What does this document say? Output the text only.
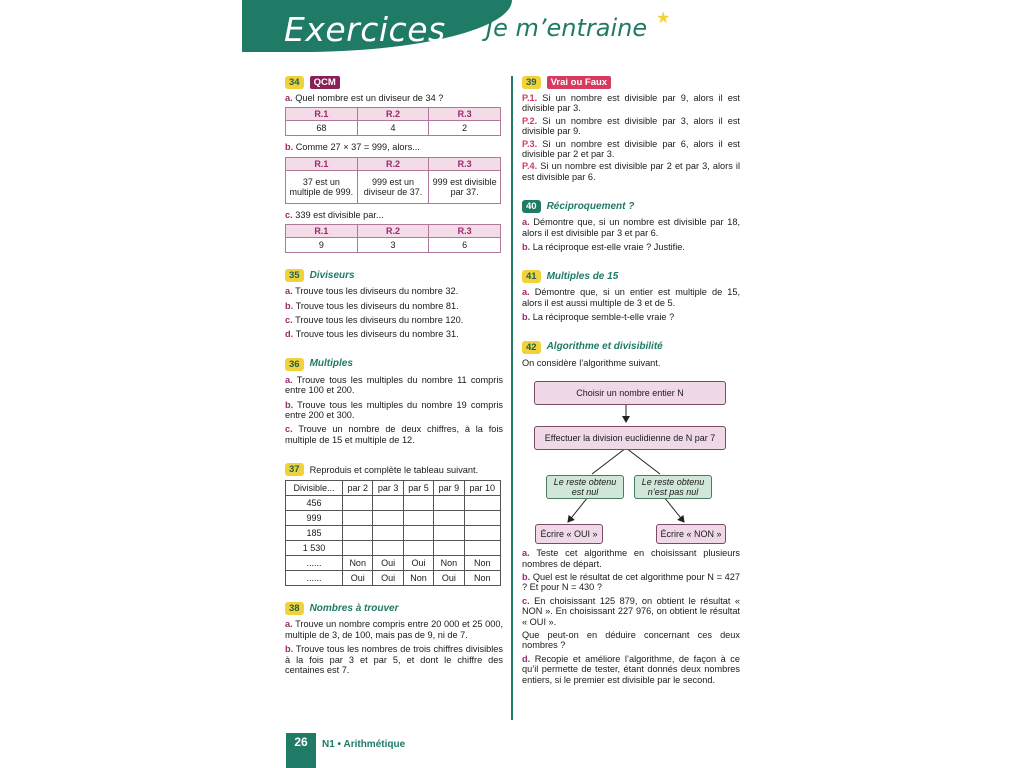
Exercices Je m’entraine ★
34	QCM
a. Quel nombre est un diviseur de 34 ?
R.1	R.2	R.3
68	4	2
b. Comme 27 × 37 = 999, alors...
R.1	R.2	R.3
37 est un multiple de 999.	999 est un diviseur de 37.	999 est divisible par 37.
c. 339 est divisible par...
R.1	R.2	R.3
9	3	6
35	Diviseurs
a. Trouve tous les diviseurs du nombre 32.
b. Trouve tous les diviseurs du nombre 81.
c. Trouve tous les diviseurs du nombre 120.
d. Trouve tous les diviseurs du nombre 31.
36	Multiples
a. Trouve tous les multiples du nombre 11 compris entre 100 et 200.
b. Trouve tous les multiples du nombre 19 compris entre 200 et 300.
c. Trouve un nombre de deux chiffres, à la fois multiple de 15 et multiple de 12.
37	Reproduis et complète le tableau suivant.
Divisible...	par 2	par 3	par 5	par 9	par 10
456					
999					
185					
1 530					
......	Non	Oui	Oui	Non	Non
......	Oui	Oui	Non	Oui	Non
38	Nombres à trouver
a. Trouve un nombre compris entre 20 000 et 25 000, multiple de 3, de 100, mais pas de 9, ni de 7.
b. Trouve tous les nombres de trois chiffres divisibles à la fois par 3 et par 5, et dont le chiffre des centaines est 7.
39	Vrai ou Faux
P.1. Si un nombre est divisible par 9, alors il est divisible par 3.
P.2. Si un nombre est divisible par 3, alors il est divisible par 9.
P.3. Si un nombre est divisible par 6, alors il est divisible par 2 et par 3.
P.4. Si un nombre est divisible par 2 et par 3, alors il est divisible par 6.
40	Réciproquement ?
a. Démontre que, si un nombre est divisible par 18, alors il est divisible par 3 et par 6.
b. La réciproque est-elle vraie ? Justifie.
41	Multiples de 15
a. Démontre que, si un entier est multiple de 15, alors il est aussi multiple de 3 et de 5.
b. La réciproque semble-t-elle vraie ?
42	Algorithme et divisibilité
On considère l’algorithme suivant.
Choisir un nombre entier N
Effectuer la division euclidienne de N par 7
Le reste obtenu est nul
Le reste obtenu n’est pas nul
Écrire « OUI »	Écrire « NON »
a. Teste cet algorithme en choisissant plusieurs nombres de départ.
b. Quel est le résultat de cet algorithme pour N = 427 ? Et pour N = 430 ?
c. En choisissant 125 879, on obtient le résultat « NON ». En choisissant 227 976, on obtient le résultat « OUI ».
Que peut-on en déduire concernant ces deux nombres ?
d. Recopie et améliore l’algorithme, de façon à ce qu’il permette de tester, étant donnés deux nombres entiers, si le premier est divisible par le second.
26	N1 • Arithmétique
